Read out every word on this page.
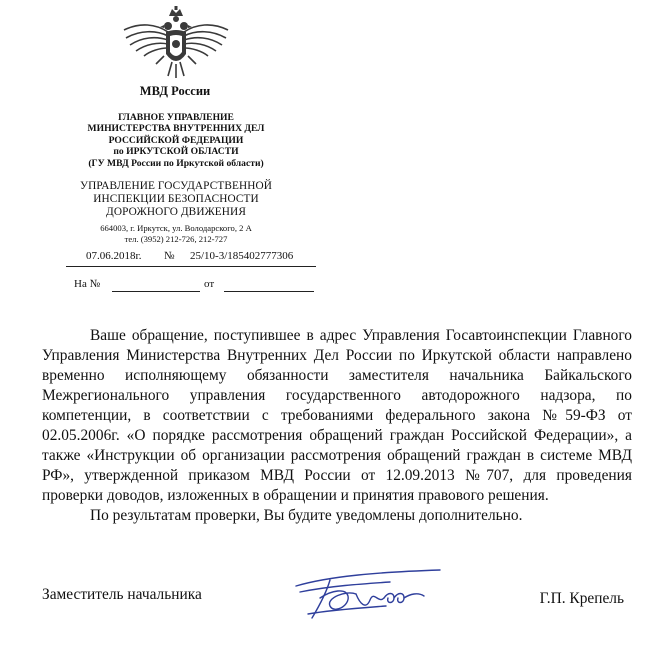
МВД России
ГЛАВНОЕ УПРАВЛЕНИЕ
МИНИСТЕРСТВА ВНУТРЕННИХ ДЕЛ
РОССИЙСКОЙ ФЕДЕРАЦИИ
по ИРКУТСКОЙ ОБЛАСТИ
(ГУ МВД России по Иркутской области)
УПРАВЛЕНИЕ ГОСУДАРСТВЕННОЙ
ИНСПЕКЦИИ БЕЗОПАСНОСТИ
ДОРОЖНОГО ДВИЖЕНИЯ
664003, г. Иркутск, ул. Володарского, 2 А
тел. (3952) 212-726, 212-727
07.06.2018г. № 25/10-3/185402777306
На №	от

Ваше обращение, поступившее в адрес Управления Госавтоинспекции Главного Управления Министерства Внутренних Дел России по Иркутской области направлено временно исполняющему обязанности заместителя начальника Байкальского Межрегионального управления государственного автодорожного надзора, по компетенции, в соответствии с требованиями федерального закона №59-ФЗ от 02.05.2006г. «О порядке рассмотрения обращений граждан Российской Федерации», а также «Инструкции об организации рассмотрения обращений граждан в системе МВД РФ», утвержденной приказом МВД России от 12.09.2013 №707, для проведения проверки доводов, изложенных в обращении и принятия правового решения.

По результатам проверки, Вы будите уведомлены дополнительно.

Заместитель начальника	Г.П. Крепель
